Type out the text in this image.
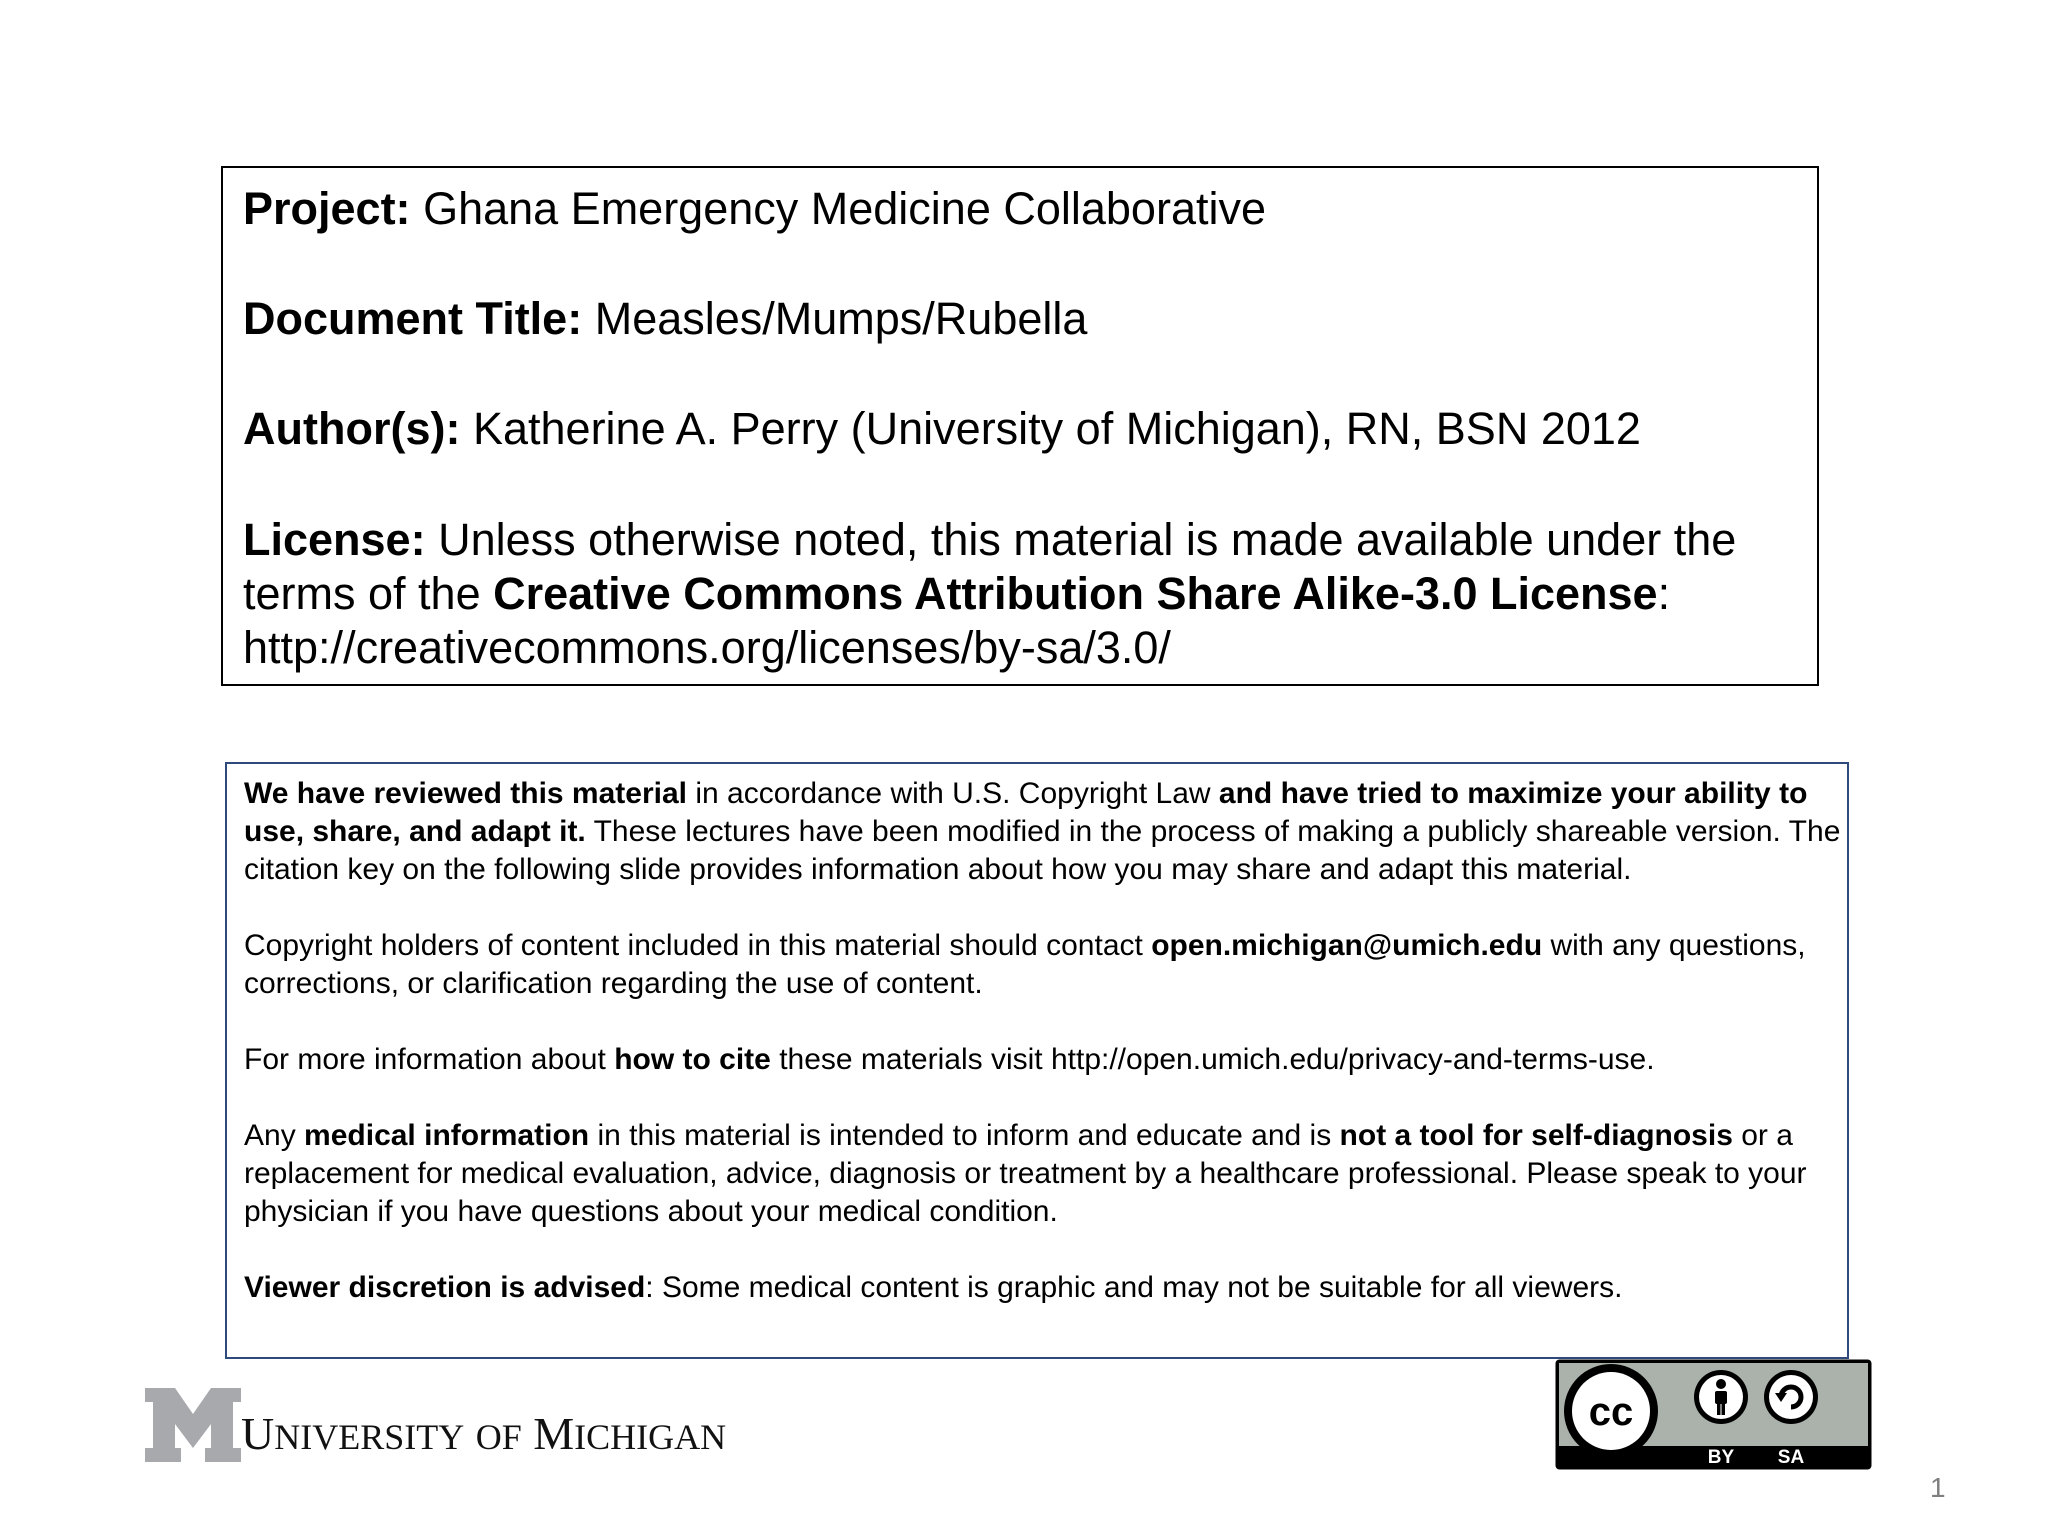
Project: Ghana Emergency Medicine Collaborative

Document Title: Measles/Mumps/Rubella

Author(s): Katherine A. Perry (University of Michigan), RN, BSN 2012

License: Unless otherwise noted, this material is made available under the terms of the Creative Commons Attribution Share Alike-3.0 License:
http://creativecommons.org/licenses/by-sa/3.0/

We have reviewed this material in accordance with U.S. Copyright Law and have tried to maximize your ability to use, share, and adapt it. These lectures have been modified in the process of making a publicly shareable version. The citation key on the following slide provides information about how you may share and adapt this material.

Copyright holders of content included in this material should contact open.michigan@umich.edu with any questions, corrections, or clarification regarding the use of content.

For more information about how to cite these materials visit http://open.umich.edu/privacy-and-terms-use.

Any medical information in this material is intended to inform and educate and is not a tool for self-diagnosis or a replacement for medical evaluation, advice, diagnosis or treatment by a healthcare professional. Please speak to your physician if you have questions about your medical condition.

Viewer discretion is advised: Some medical content is graphic and may not be suitable for all viewers.

UNIVERSITY OF MICHIGAN
cc
BY SA
1
